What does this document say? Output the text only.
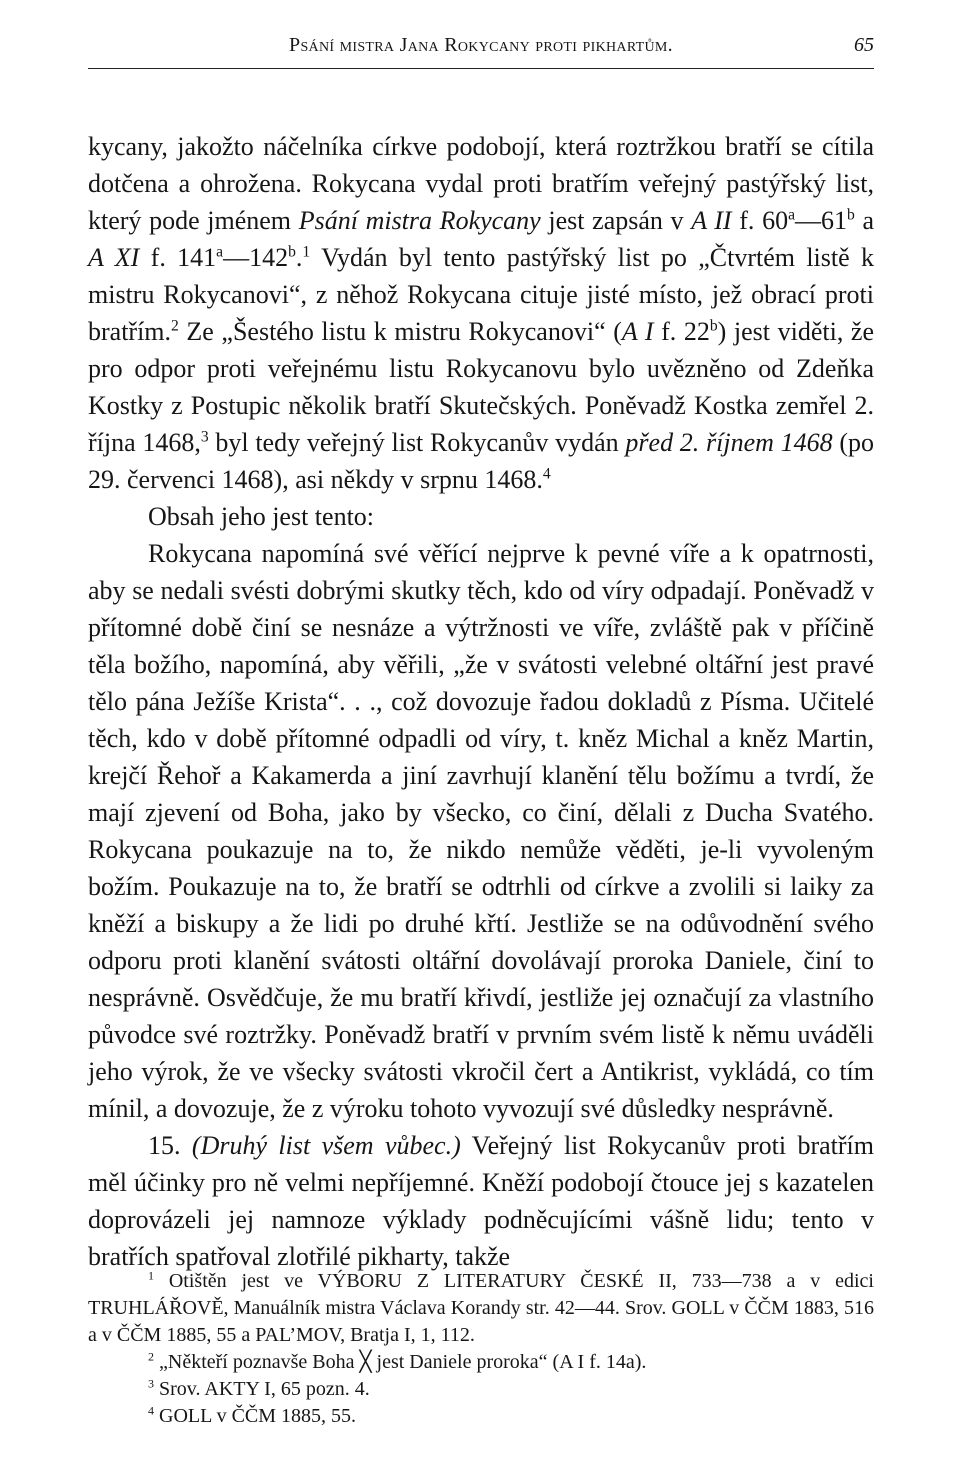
Psání mistra Jana Rokycany proti pikhartům.	65

kycany, jakožto náčelníka církve podobojí, která roztržkou bratří se cítila dotčena a ohrožena. Rokycana vydal proti bratřím veřejný pastýřský list, který pode jménem Psání mistra Rokycany jest zapsán v A II f. 60$^a$—61$^b$ a A XI f. 141$^a$—142$^b$.$^1$ Vydán byl tento pastýřský list po „Čtvrtém listě k mistru Rokycanovi“, z něhož Rokycana cituje jisté místo, jež obrací proti bratřím.$^2$ Ze „Šestého listu k mistru Rokycanovi“ (A I f. 22$^b$) jest viděti, že pro odpor proti veřejnému listu Rokycanovu bylo uvězněno od Zdeňka Kostky z Postupic několik bratří Skutečských. Poněvadž Kostka zemřel 2. října 1468,$^3$ byl tedy veřejný list Rokycanův vydán před 2. říjnem 1468 (po 29. červenci 1468), asi někdy v srpnu 1468.$^4$

Obsah jeho jest tento:

Rokycana napomíná své věřící nejprve k pevné víře a k opatrnosti, aby se nedali svésti dobrými skutky těch, kdo od víry odpadají. Poněvadž v přítomné době činí se nesnáze a výtržnosti ve víře, zvláště pak v příčině těla božího, napomíná, aby věřili, „že v svátosti velebné oltářní jest pravé tělo pána Ježíše Krista“. . ., což dovozuje řadou dokladů z Písma. Učitelé těch, kdo v době přítomné odpadli od víry, t. kněz Michal a kněz Martin, krejčí Řehoř a Kakamerda a jiní zavrhují klanění tělu božímu a tvrdí, že mají zjevení od Boha, jako by všecko, co činí, dělali z Ducha Svatého. Rokycana poukazuje na to, že nikdo nemůže věděti, je-li vyvoleným božím. Poukazuje na to, že bratří se odtrhli od církve a zvolili si laiky za kněží a biskupy a že lidi po druhé křtí. Jestliže se na odůvodnění svého odporu proti klanění svátosti oltářní dovolávají proroka Daniele, činí to nesprávně. Osvědčuje, že mu bratří křivdí, jestliže jej označují za vlastního původce své roztržky. Poněvadž bratří v prvním svém listě k němu uváděli jeho výrok, že ve všecky svátosti vkročil čert a Antikrist, vykládá, co tím mínil, a dovozuje, že z výroku tohoto vyvozují své důsledky nesprávně.

15. (Druhý list všem vůbec.) Veřejný list Rokycanův proti bratřím měl účinky pro ně velmi nepříjemné. Kněží podobojí čtouce jej s kazatelen doprovázeli jej namnoze výklady podněcujícími vášně lidu; tento v bratřích spatřoval zlotřilé pikharty, takže

$^1$ Otištěn jest ve VÝBORU Z LITERATURY ČESKÉ II, 733—738 a v edici TRUHLÁŘOVĚ, Manuálník mistra Václava Korandy str. 42—44. Srov. GOLL v ČČM 1883, 516 a v ČČM 1885, 55 a PAL’MOV, Bratja I, 1, 112.

$^2$ „Někteří poznavše Boha ╳ jest Daniele proroka“ (A I f. 14a).

$^3$ Srov. AKTY I, 65 pozn. 4.

$^4$ GOLL v ČČM 1885, 55.
